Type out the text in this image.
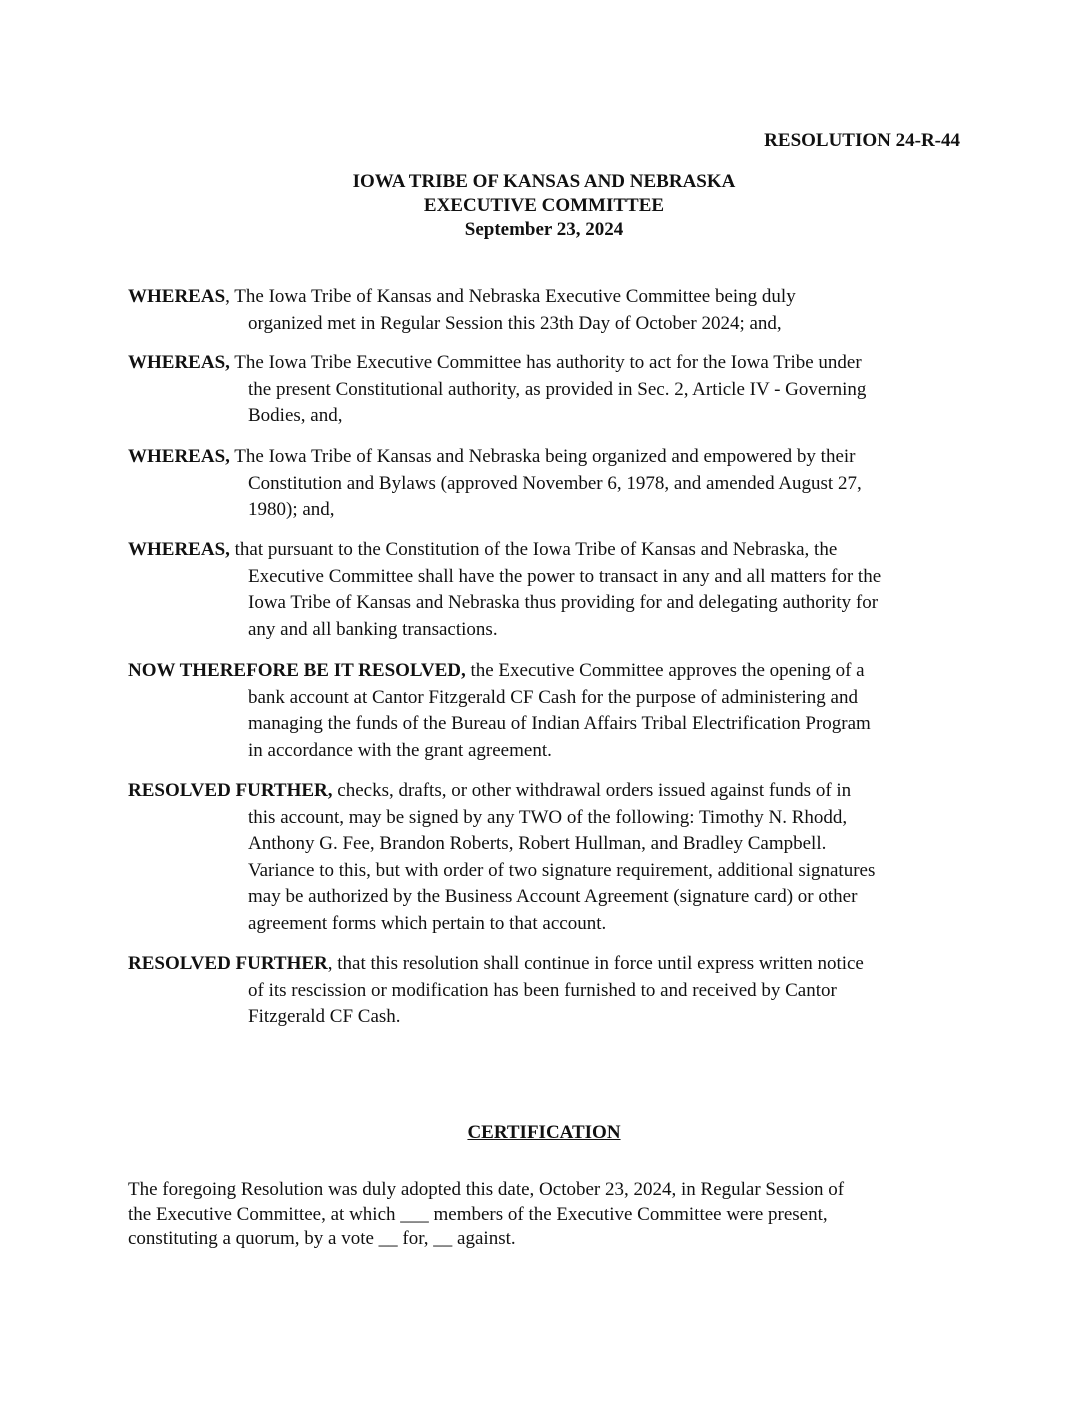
RESOLUTION 24-R-44
IOWA TRIBE OF KANSAS AND NEBRASKA
EXECUTIVE COMMITTEE
September 23, 2024
WHEREAS, The Iowa Tribe of Kansas and Nebraska Executive Committee being duly
organized met in Regular Session this 23th Day of October 2024; and,
WHEREAS, The Iowa Tribe Executive Committee has authority to act for the Iowa Tribe under
the present Constitutional authority, as provided in Sec. 2, Article IV - Governing
Bodies, and,
WHEREAS, The Iowa Tribe of Kansas and Nebraska being organized and empowered by their
Constitution and Bylaws (approved November 6, 1978, and amended August 27,
1980); and,
WHEREAS, that pursuant to the Constitution of the Iowa Tribe of Kansas and Nebraska, the
Executive Committee shall have the power to transact in any and all matters for the
Iowa Tribe of Kansas and Nebraska thus providing for and delegating authority for
any and all banking transactions.
NOW THEREFORE BE IT RESOLVED, the Executive Committee approves the opening of a
bank account at Cantor Fitzgerald CF Cash for the purpose of administering and
managing the funds of the Bureau of Indian Affairs Tribal Electrification Program
in accordance with the grant agreement.
RESOLVED FURTHER, checks, drafts, or other withdrawal orders issued against funds of in
this account, may be signed by any TWO of the following: Timothy N. Rhodd,
Anthony G. Fee, Brandon Roberts, Robert Hullman, and Bradley Campbell.
Variance to this, but with order of two signature requirement, additional signatures
may be authorized by the Business Account Agreement (signature card) or other
agreement forms which pertain to that account.
RESOLVED FURTHER, that this resolution shall continue in force until express written notice
of its rescission or modification has been furnished to and received by Cantor
Fitzgerald CF Cash.
CERTIFICATION
The foregoing Resolution was duly adopted this date, October 23, 2024, in Regular Session of
the Executive Committee, at which ___ members of the Executive Committee were present,
constituting a quorum, by a vote __ for, __ against.
